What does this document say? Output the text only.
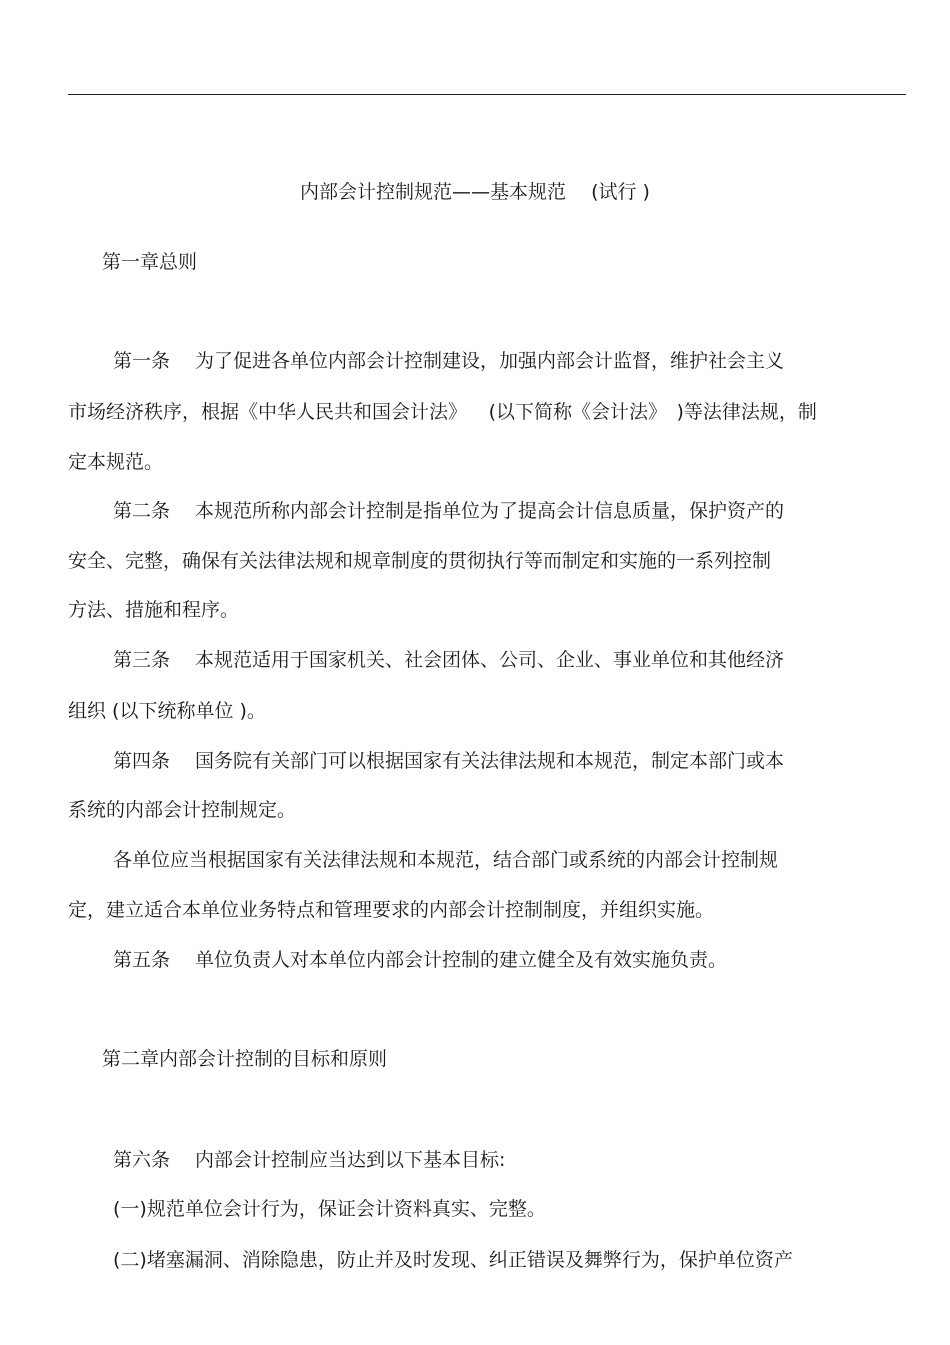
内部会计控制规范——基本规范　 (试行 )

第一章总则

第一条　 为了促进各单位内部会计控制建设，加强内部会计监督，维护社会主义

市场经济秩序，根据《中华人民共和国会计法》　  (以下简称《会计法》　)等法律法规，制

定本规范。

第二条　 本规范所称内部会计控制是指单位为了提高会计信息质量，保护资产的

安全、完整，确保有关法律法规和规章制度的贯彻执行等而制定和实施的一系列控制

方法、措施和程序。

第三条　 本规范适用于国家机关、社会团体、公司、企业、事业单位和其他经济

组织 (以下统称单位 )。

第四条　 国务院有关部门可以根据国家有关法律法规和本规范，制定本部门或本

系统的内部会计控制规定。

各单位应当根据国家有关法律法规和本规范，结合部门或系统的内部会计控制规

定，建立适合本单位业务特点和管理要求的内部会计控制制度，并组织实施。

第五条　 单位负责人对本单位内部会计控制的建立健全及有效实施负责。

第二章内部会计控制的目标和原则

第六条　 内部会计控制应当达到以下基本目标:

(一)规范单位会计行为，保证会计资料真实、完整。

(二)堵塞漏洞、消除隐患，防止并及时发现、纠正错误及舞弊行为，保护单位资产
